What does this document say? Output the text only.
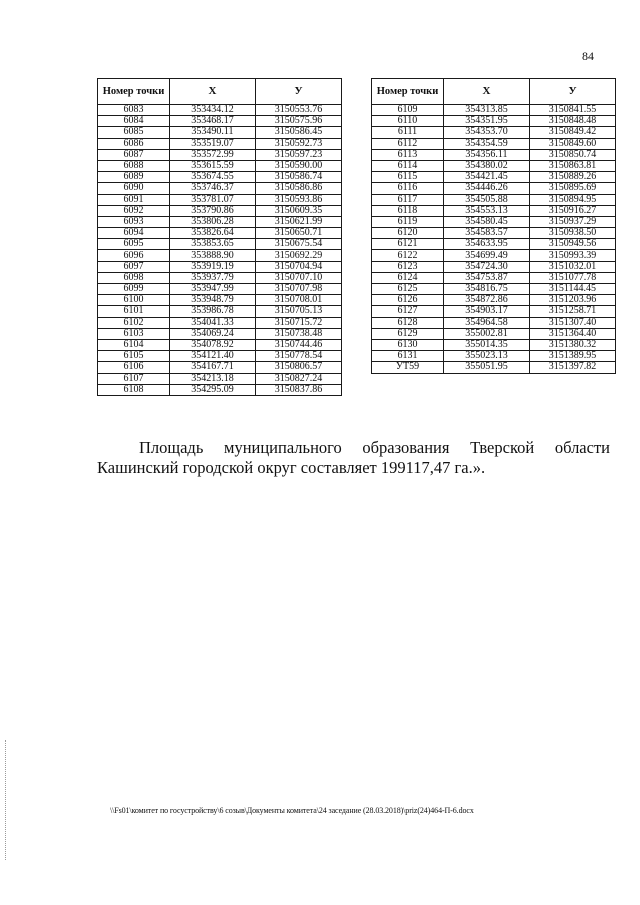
84
Номер точки	X	У
6083	353434.12	3150553.76
6084	353468.17	3150575.96
6085	353490.11	3150586.45
6086	353519.07	3150592.73
6087	353572.99	3150597.23
6088	353615.59	3150590.00
6089	353674.55	3150586.74
6090	353746.37	3150586.86
6091	353781.07	3150593.86
6092	353790.86	3150609.35
6093	353806.28	3150621.99
6094	353826.64	3150650.71
6095	353853.65	3150675.54
6096	353888.90	3150692.29
6097	353919.19	3150704.94
6098	353937.79	3150707.10
6099	353947.99	3150707.98
6100	353948.79	3150708.01
6101	353986.78	3150705.13
6102	354041.33	3150715.72
6103	354069.24	3150738.48
6104	354078.92	3150744.46
6105	354121.40	3150778.54
6106	354167.71	3150806.57
6107	354213.18	3150827.24
6108	354295.09	3150837.86
Номер точки	X	У
6109	354313.85	3150841.55
6110	354351.95	3150848.48
6111	354353.70	3150849.42
6112	354354.59	3150849.60
6113	354356.11	3150850.74
6114	354380.02	3150863.81
6115	354421.45	3150889.26
6116	354446.26	3150895.69
6117	354505.88	3150894.95
6118	354553.13	3150916.27
6119	354580.45	3150937.29
6120	354583.57	3150938.50
6121	354633.95	3150949.56
6122	354699.49	3150993.39
6123	354724.30	3151032.01
6124	354753.87	3151077.78
6125	354816.75	3151144.45
6126	354872.86	3151203.96
6127	354903.17	3151258.71
6128	354964.58	3151307.40
6129	355002.81	3151364.40
6130	355014.35	3151380.32
6131	355023.13	3151389.95
УТ59	355051.95	3151397.82
Площадь муниципального образования Тверской области
Кашинский городской округ составляет 199117,47 га.».
\\Fs01\комитет по госустройству\6 созыв\Документы комитета\24 заседание (28.03.2018)\priz(24)464-П-6.docx
